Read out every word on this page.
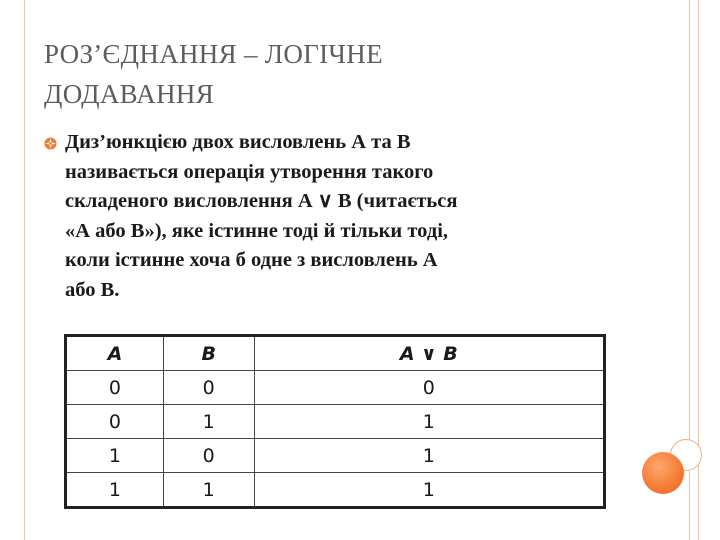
РОЗ’ЄДНАННЯ – ЛОГІЧНЕ
ДОДАВАННЯ
Диз’юнкцією двох висловлень А та В
називається операція утворення такого
складеного висловлення А ∨ В (читається
«А або В»), яке істинне тоді й тільки тоді,
коли істинне хоча б одне з висловлень А
або В.
A	B	A ∨ B
0	0	0
0	1	1
1	0	1
1	1	1
